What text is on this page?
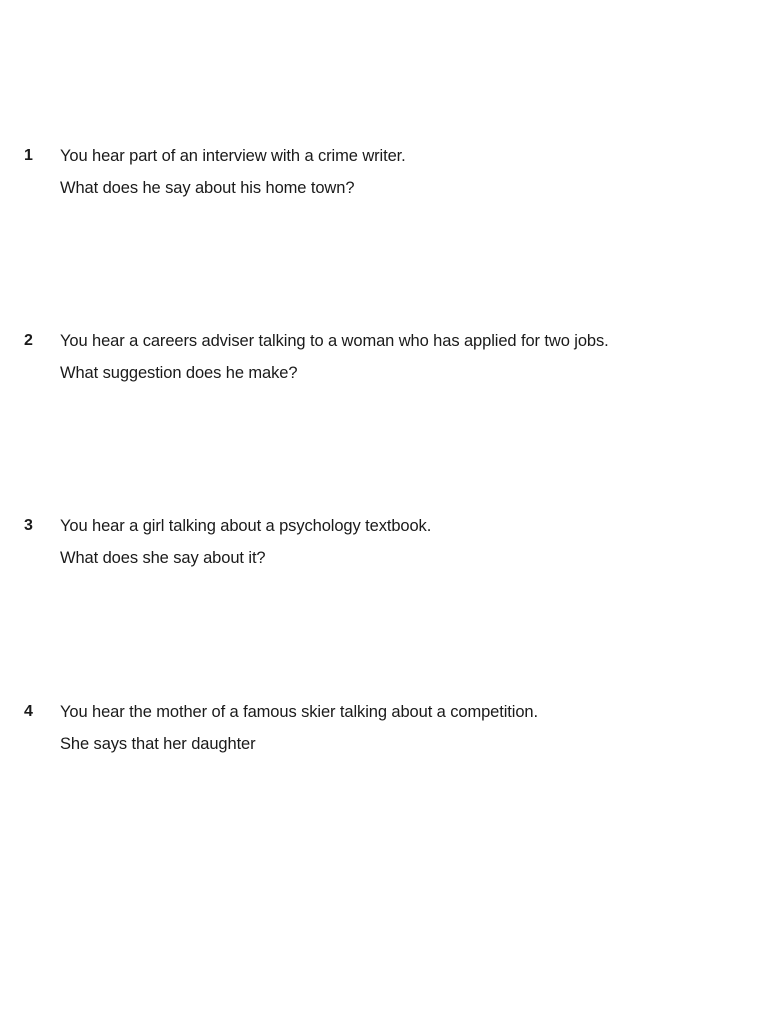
1 You hear part of an interview with a crime writer.
What does he say about his home town?
2 You hear a careers adviser talking to a woman who has applied for two jobs.
What suggestion does he make?
3 You hear a girl talking about a psychology textbook.
What does she say about it?
4 You hear the mother of a famous skier talking about a competition.
She says that her daughter
